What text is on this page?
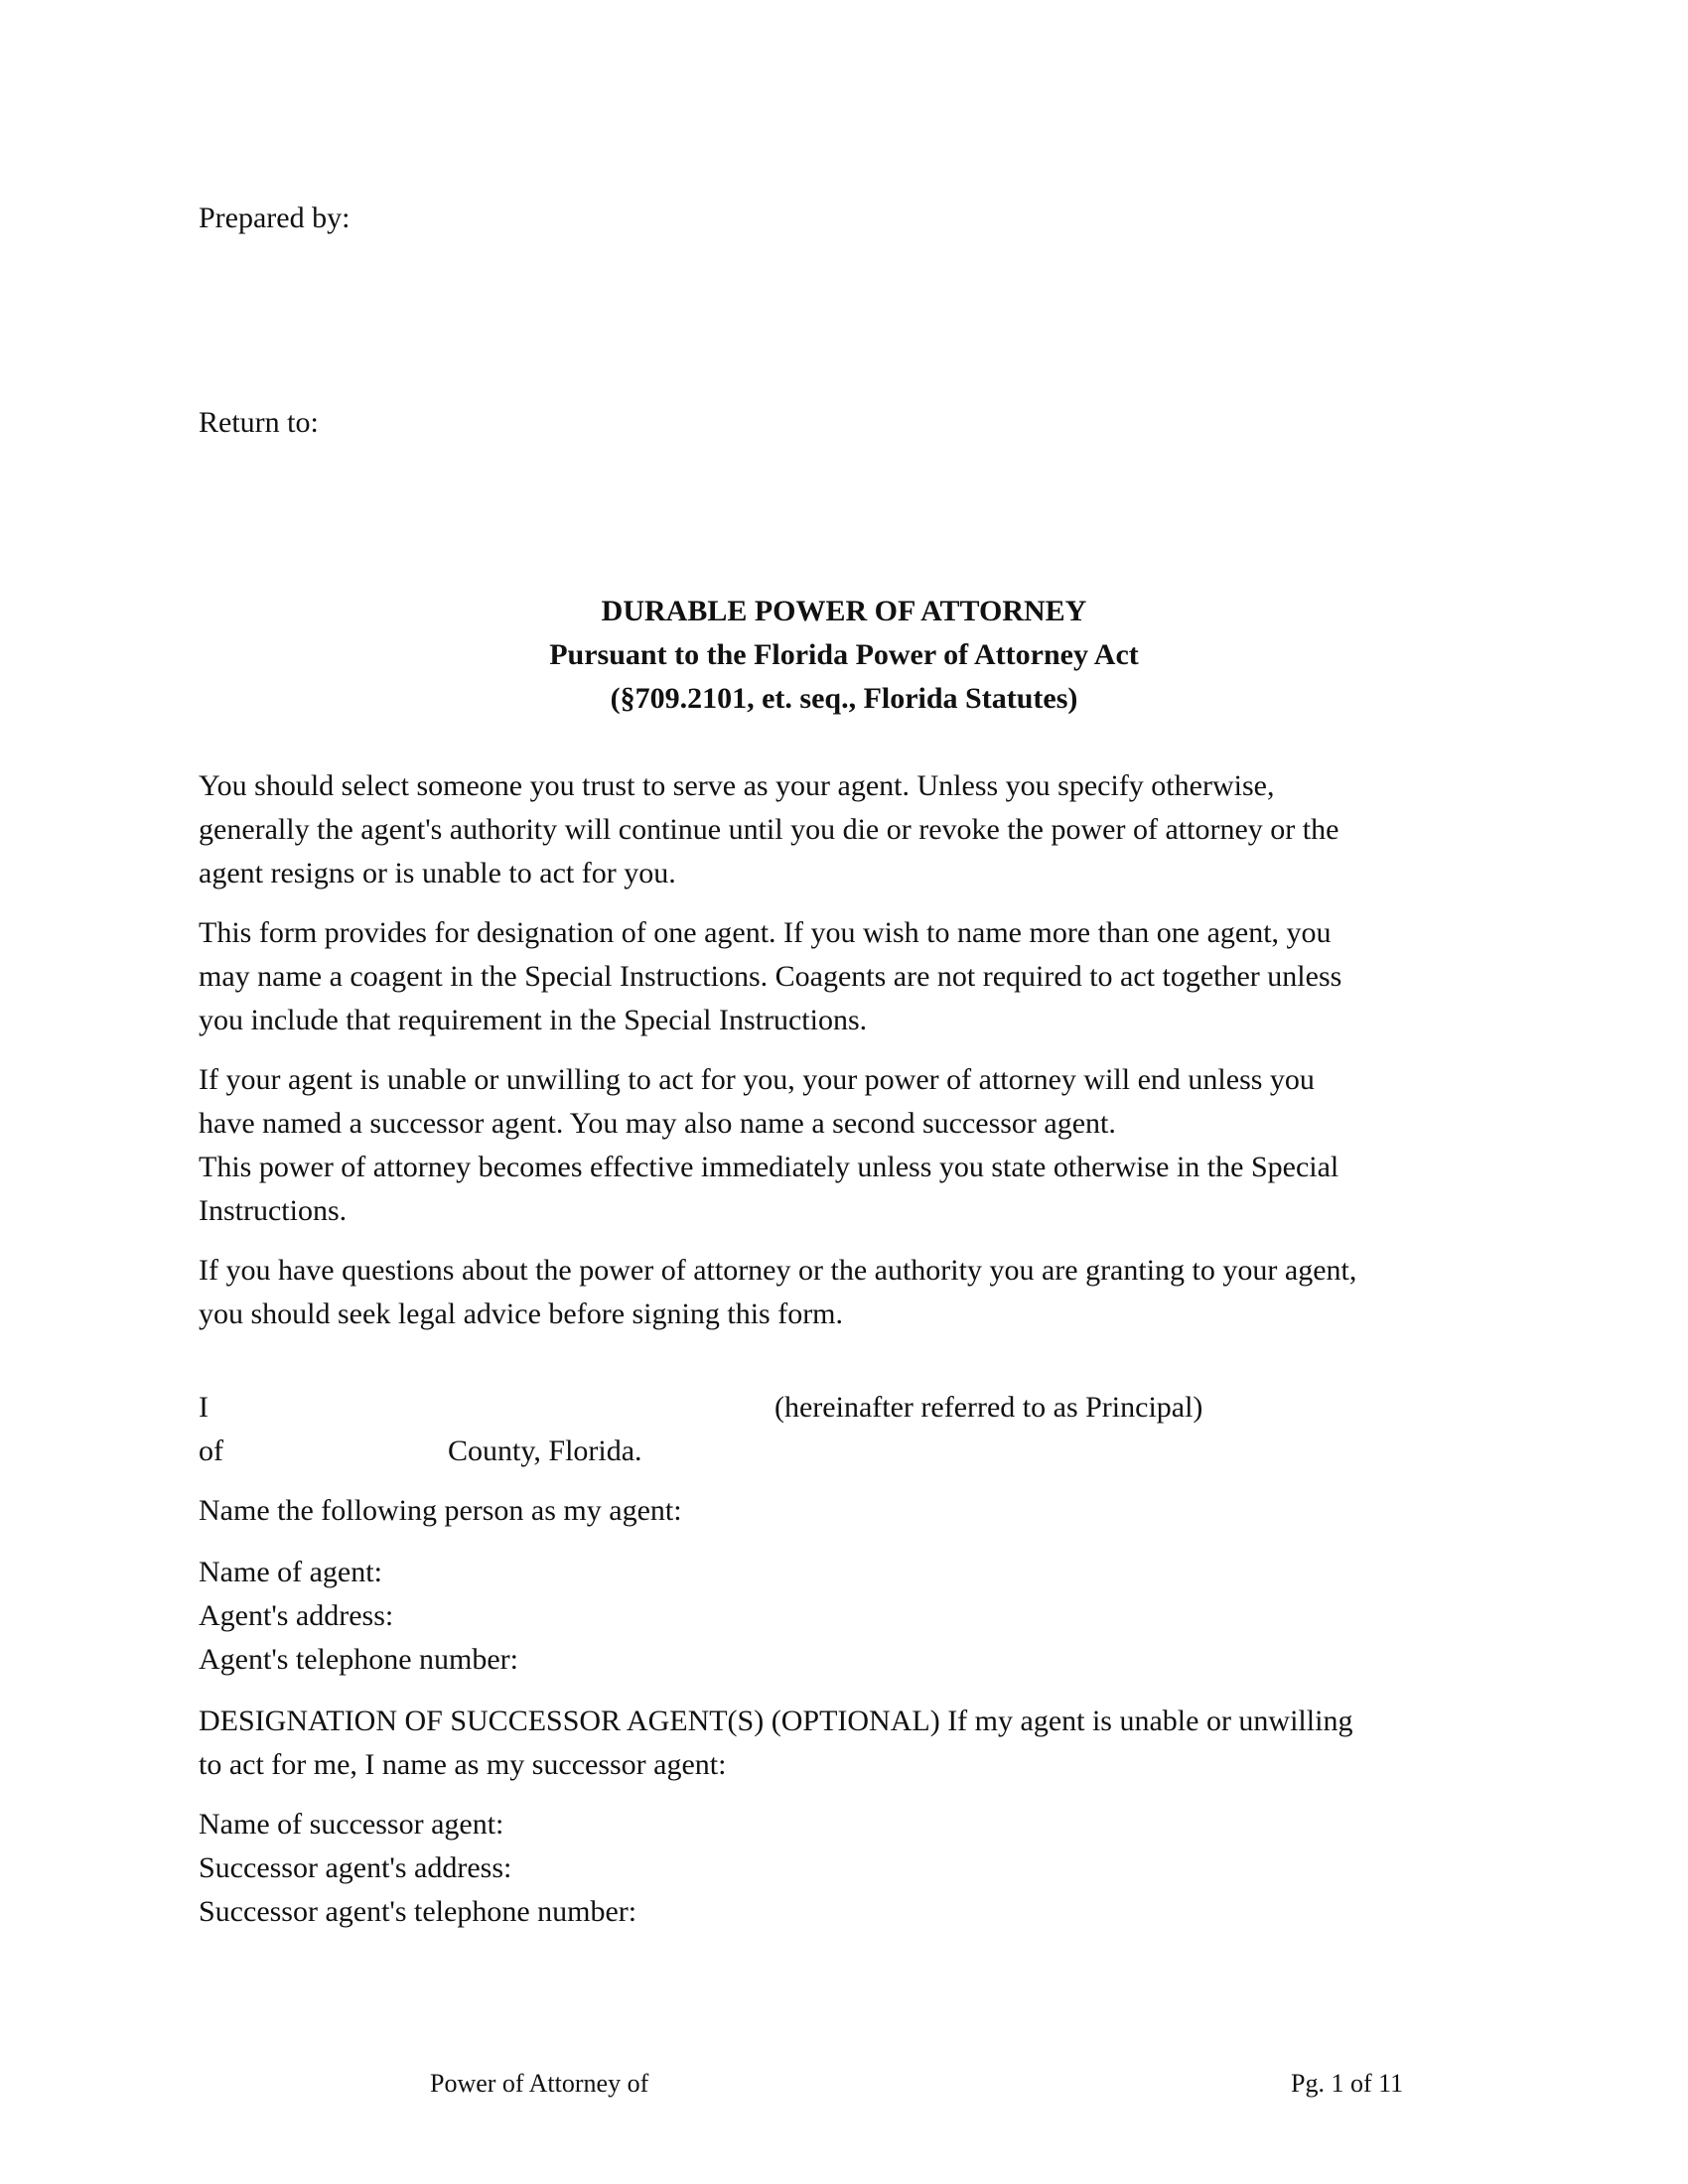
Prepared by:
Return to:
DURABLE POWER OF ATTORNEY
Pursuant to the Florida Power of Attorney Act
(§709.2101, et. seq., Florida Statutes)
You should select someone you trust to serve as your agent. Unless you specify otherwise,
generally the agent's authority will continue until you die or revoke the power of attorney or the
agent resigns or is unable to act for you.
This form provides for designation of one agent. If you wish to name more than one agent, you
may name a coagent in the Special Instructions. Coagents are not required to act together unless
you include that requirement in the Special Instructions.
If your agent is unable or unwilling to act for you, your power of attorney will end unless you
have named a successor agent. You may also name a second successor agent.
This power of attorney becomes effective immediately unless you state otherwise in the Special
Instructions.
If you have questions about the power of attorney or the authority you are granting to your agent,
you should seek legal advice before signing this form.
I	(hereinafter referred to as Principal)
of	County, Florida.
Name the following person as my agent:
Name of agent:
Agent's address:
Agent's telephone number:
DESIGNATION OF SUCCESSOR AGENT(S) (OPTIONAL) If my agent is unable or unwilling
to act for me, I name as my successor agent:
Name of successor agent:
Successor agent's address:
Successor agent's telephone number:
Power of Attorney of	Pg. 1 of 11
